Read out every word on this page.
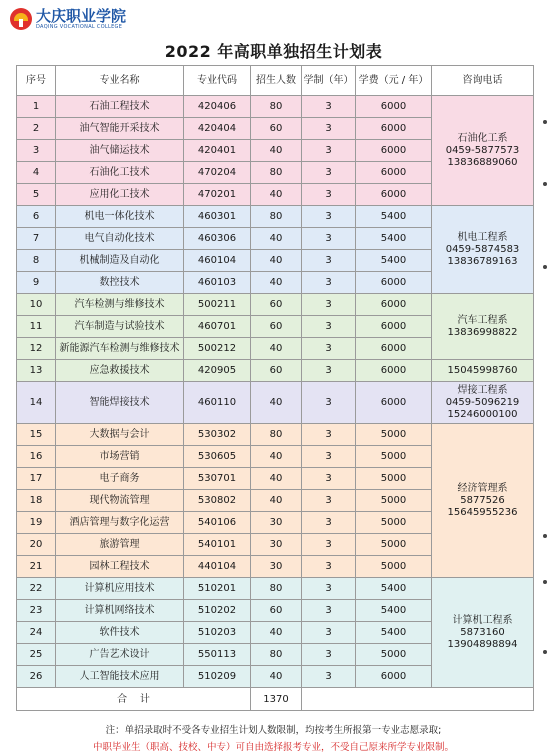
大庆职业学院
DAQING VOCATIONAL COLLEGE
2022 年高职单独招生计划表
序号	专业名称	专业代码	招生人数	学制（年）	学费（元 / 年）	咨询电话
1	石油工程技术	420406	80	3	6000	石油化工系
0459-5877573
13836889060

2	油气智能开采技术	420404	60	3	6000	
3	油气储运技术	420401	40	3	6000	
4	石油化工技术	470204	80	3	6000	
5	应用化工技术	470201	40	3	6000	
6	机电一体化技术	460301	80	3	5400	机电工程系
0459-5874583
13836789163

7	电气自动化技术	460306	40	3	5400	
8	机械制造及自动化	460104	40	3	5400	
9	数控技术	460103	40	3	6000	
10	汽车检测与维修技术	500211	60	3	6000	汽车工程系
13836998822

11	汽车制造与试验技术	460701	60	3	6000	
12	新能源汽车检测与维修技术	500212	40	3	6000	
13	应急救援技术	420905	60	3	6000	15045998760

14	智能焊接技术	460110	40	3	6000	焊接工程系
0459-5096219
15246000100

15	大数据与会计	530302	80	3	5000	经济管理系
5877526
15645955236

16	市场营销	530605	40	3	5000	
17	电子商务	530701	40	3	5000	
18	现代物流管理	530802	40	3	5000	
19	酒店管理与数字化运营	540106	30	3	5000	
20	旅游管理	540101	30	3	5000	
21	园林工程技术	440104	30	3	5000	
22	计算机应用技术	510201	80	3	5400	计算机工程系
5873160
13904898894

23	计算机网络技术	510202	60	3	5400	
24	软件技术	510203	40	3	5400	
25	广告艺术设计	550113	80	3	5000	
26	人工智能技术应用	510209	40	3	6000	
合    计			1370			
注：单招录取时不受各专业招生计划人数限制，均按考生所报第一专业志愿录取;
中职毕业生（职高、技校、中专）可自由选择报考专业，不受自己原来所学专业限制。
